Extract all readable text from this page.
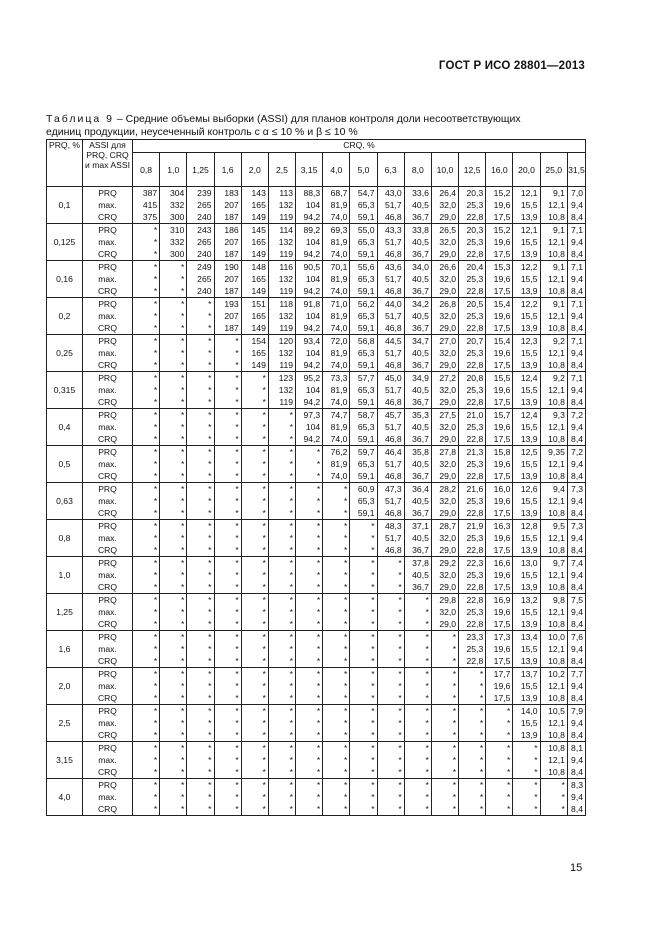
ГОСТ Р ИСО 28801—2013
Таблица 9 – Средние объемы выборки (ASSI) для планов контроля доли несоответствующих
единиц продукции, неусеченный контроль с α ≤ 10 % и β ≤ 10 %
PRQ, %	ASSI для PRQ, CRQ и max ASSI	CRQ, %																
		0,8	1,0	1,25	1,6	2,0	2,5	3,15	4,0	5,0	6,3	8,0	10,0	12,5	16,0	20,0	25,0	31,5
0,1	PRQ	387	304	239	183	143	113	88,3	68,7	54,7	43,0	33,6	26,4	20,3	15,2	12,1	9,1	7,0
	max.	415	332	265	207	165	132	104	81,9	65,3	51,7	40,5	32,0	25,3	19,6	15,5	12,1	9,4
	CRQ	375	300	240	187	149	119	94,2	74,0	59,1	46,8	36,7	29,0	22,8	17,5	13,9	10,8	8,4
0,125	PRQ	*	310	243	186	145	114	89,2	69,3	55,0	43,3	33,8	26,5	20,3	15,2	12,1	9,1	7,1
	max.	*	332	265	207	165	132	104	81,9	65,3	51,7	40,5	32,0	25,3	19,6	15,5	12,1	9,4
	CRQ	*	300	240	187	149	119	94,2	74,0	59,1	46,8	36,7	29,0	22,8	17,5	13,9	10,8	8,4
0,16	PRQ	*	*	249	190	148	116	90,5	70,1	55,6	43,6	34,0	26,6	20,4	15,3	12,2	9,1	7,1
	max.	*	*	265	207	165	132	104	81,9	65,3	51,7	40,5	32,0	25,3	19,6	15,5	12,1	9,4
	CRQ	*	*	240	187	149	119	94,2	74,0	59,1	46,8	36,7	29,0	22,8	17,5	13,9	10,8	8,4
0,2	PRQ	*	*	*	193	151	118	91,8	71,0	56,2	44,0	34,2	26,8	20,5	15,4	12,2	9,1	7,1
	max.	*	*	*	207	165	132	104	81,9	65,3	51,7	40,5	32,0	25,3	19,6	15,5	12,1	9,4
	CRQ	*	*	*	187	149	119	94,2	74,0	59,1	46,8	36,7	29,0	22,8	17,5	13,9	10,8	8,4
0,25	PRQ	*	*	*	*	154	120	93,4	72,0	56,8	44,5	34,7	27,0	20,7	15,4	12,3	9,2	7,1
	max.	*	*	*	*	165	132	104	81,9	65,3	51,7	40,5	32,0	25,3	19,6	15,5	12,1	9,4
	CRQ	*	*	*	*	149	119	94,2	74,0	59,1	46,8	36,7	29,0	22,8	17,5	13,9	10,8	8,4
0,315	PRQ	*	*	*	*	*	123	95,2	73,3	57,7	45,0	34,9	27,2	20,8	15,5	12,4	9,2	7,1
	max.	*	*	*	*	*	132	104	81,9	65,3	51,7	40,5	32,0	25,3	19,6	15,5	12,1	9,4
	CRQ	*	*	*	*	*	119	94,2	74,0	59,1	46,8	36,7	29,0	22,8	17,5	13,9	10,8	8,4
0,4	PRQ	*	*	*	*	*	*	97,3	74,7	58,7	45,7	35,3	27,5	21,0	15,7	12,4	9,3	7,2
	max.	*	*	*	*	*	*	104	81,9	65,3	51,7	40,5	32,0	25,3	19,6	15,5	12,1	9,4
	CRQ	*	*	*	*	*	*	94,2	74,0	59,1	46,8	36,7	29,0	22,8	17,5	13,9	10,8	8,4
0,5	PRQ	*	*	*	*	*	*	*	76,2	59,7	46,4	35,8	27,8	21,3	15,8	12,5	9,35	7,2
	max.	*	*	*	*	*	*	*	81,9	65,3	51,7	40,5	32,0	25,3	19,6	15,5	12,1	9,4
	CRQ	*	*	*	*	*	*	*	74,0	59,1	46,8	36,7	29,0	22,8	17,5	13,9	10,8	8,4
0,63	PRQ	*	*	*	*	*	*	*	*	60,9	47,3	36,4	28,2	21,6	16,0	12,6	9,4	7,3
	max.	*	*	*	*	*	*	*	*	65,3	51,7	40,5	32,0	25,3	19,6	15,5	12,1	9,4
	CRQ	*	*	*	*	*	*	*	*	59,1	46,8	36,7	29,0	22,8	17,5	13,9	10,8	8,4
0,8	PRQ	*	*	*	*	*	*	*	*	*	48,3	37,1	28,7	21,9	16,3	12,8	9,5	7,3
	max.	*	*	*	*	*	*	*	*	*	51,7	40,5	32,0	25,3	19,6	15,5	12,1	9,4
	CRQ	*	*	*	*	*	*	*	*	*	46,8	36,7	29,0	22,8	17,5	13,9	10,8	8,4
1,0	PRQ	*	*	*	*	*	*	*	*	*	*	37,8	29,2	22,3	16,6	13,0	9,7	7,4
	max.	*	*	*	*	*	*	*	*	*	*	40,5	32,0	25,3	19,6	15,5	12,1	9,4
	CRQ	*	*	*	*	*	*	*	*	*	*	36,7	29,0	22,8	17,5	13,9	10,8	8,4
1,25	PRQ	*	*	*	*	*	*	*	*	*	*	*	29,8	22,8	16,9	13,2	9,8	7,5
	max.	*	*	*	*	*	*	*	*	*	*	*	32,0	25,3	19,6	15,5	12,1	9,4
	CRQ	*	*	*	*	*	*	*	*	*	*	*	29,0	22,8	17,5	13,9	10,8	8,4
1,6	PRQ	*	*	*	*	*	*	*	*	*	*	*	*	23,3	17,3	13,4	10,0	7,6
	max.	*	*	*	*	*	*	*	*	*	*	*	*	25,3	19,6	15,5	12,1	9,4
	CRQ	*	*	*	*	*	*	*	*	*	*	*	*	22,8	17,5	13,9	10,8	8,4
2,0	PRQ	*	*	*	*	*	*	*	*	*	*	*	*	*	17,7	13,7	10,2	7,7
	max.	*	*	*	*	*	*	*	*	*	*	*	*	*	19,6	15,5	12,1	9,4
	CRQ	*	*	*	*	*	*	*	*	*	*	*	*	*	17,5	13,9	10,8	8,4
2,5	PRQ	*	*	*	*	*	*	*	*	*	*	*	*	*	*	14,0	10,5	7,9
	max.	*	*	*	*	*	*	*	*	*	*	*	*	*	*	15,5	12,1	9,4
	CRQ	*	*	*	*	*	*	*	*	*	*	*	*	*	*	13,9	10,8	8,4
3,15	PRQ	*	*	*	*	*	*	*	*	*	*	*	*	*	*	*	10,8	8,1
	max.	*	*	*	*	*	*	*	*	*	*	*	*	*	*	*	12,1	9,4
	CRQ	*	*	*	*	*	*	*	*	*	*	*	*	*	*	*	10,8	8,4
4,0	PRQ	*	*	*	*	*	*	*	*	*	*	*	*	*	*	*	*	8,3
	max.	*	*	*	*	*	*	*	*	*	*	*	*	*	*	*	*	9,4
	CRQ	*	*	*	*	*	*	*	*	*	*	*	*	*	*	*	*	8,4
15
